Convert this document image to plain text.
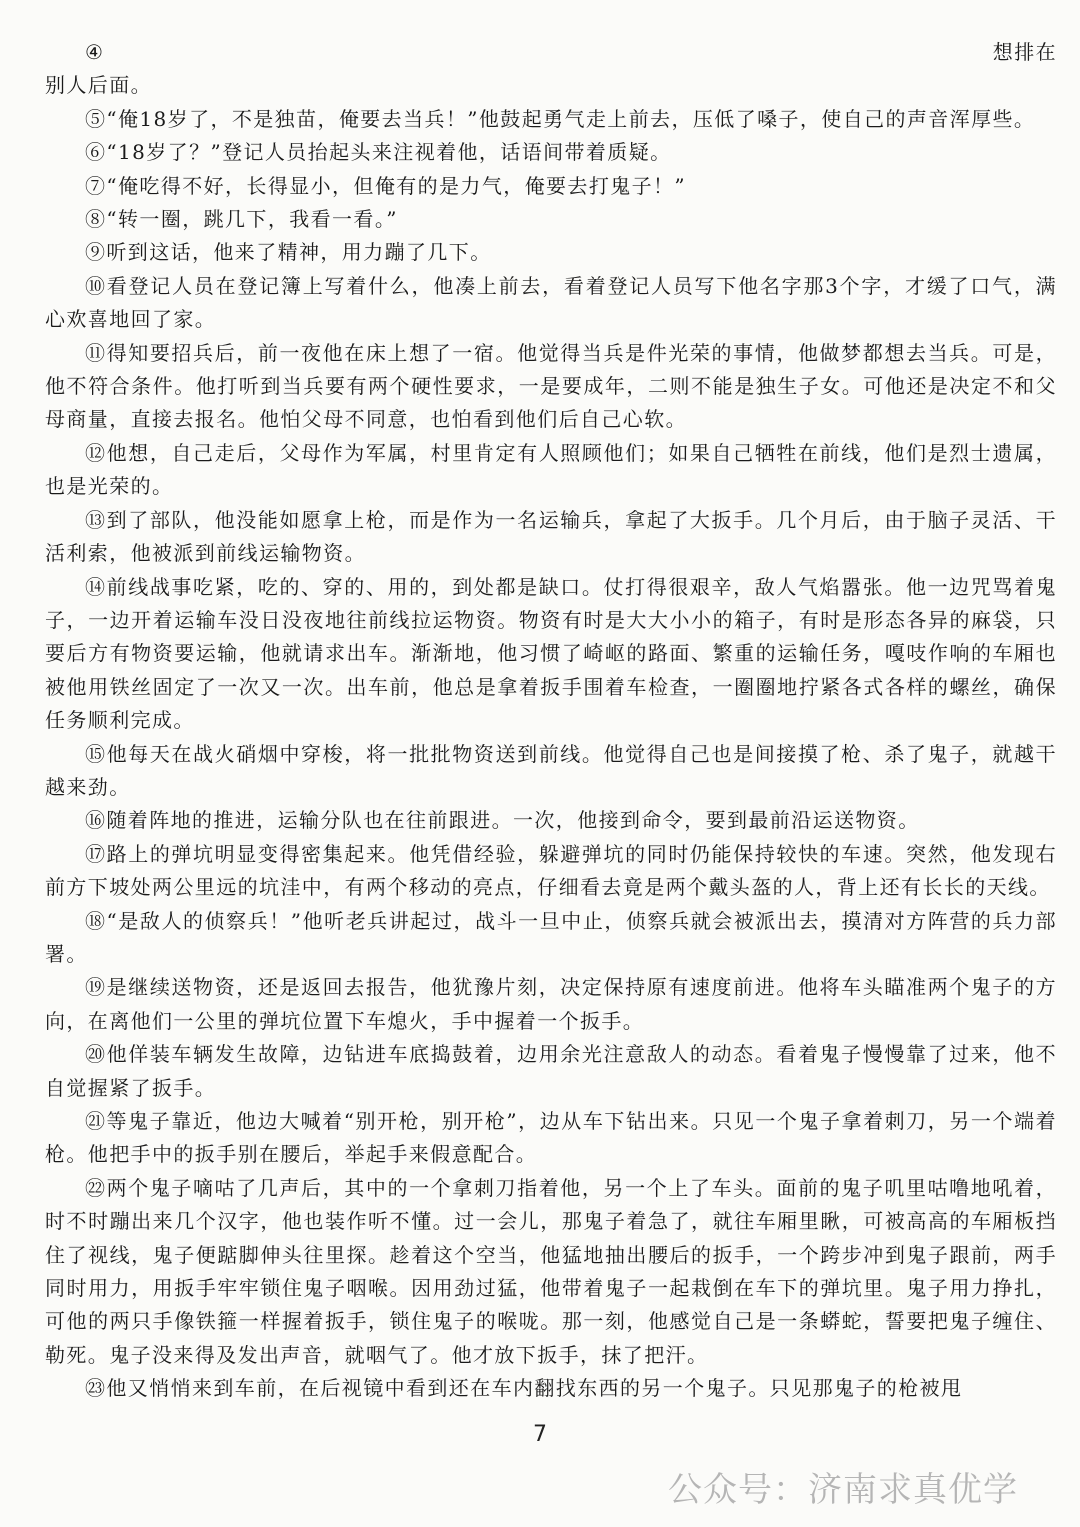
④	想排在

别人后面。

⑤“俺18岁了，不是独苗，俺要去当兵！”他鼓起勇气走上前去，压低了嗓子，使自己的声音浑厚些。

⑥“18岁了？”登记人员抬起头来注视着他，话语间带着质疑。

⑦“俺吃得不好，长得显小，但俺有的是力气，俺要去打鬼子！”

⑧“转一圈，跳几下，我看一看。”

⑨听到这话，他来了精神，用力蹦了几下。

⑩看登记人员在登记簿上写着什么，他凑上前去，看着登记人员写下他名字那3个字，才缓了口气，满心欢喜地回了家。

⑪得知要招兵后，前一夜他在床上想了一宿。他觉得当兵是件光荣的事情，他做梦都想去当兵。可是，他不符合条件。他打听到当兵要有两个硬性要求，一是要成年，二则不能是独生子女。可他还是决定不和父母商量，直接去报名。他怕父母不同意，也怕看到他们后自己心软。

⑫他想，自己走后，父母作为军属，村里肯定有人照顾他们；如果自己牺牲在前线，他们是烈士遗属，也是光荣的。

⑬到了部队，他没能如愿拿上枪，而是作为一名运输兵，拿起了大扳手。几个月后，由于脑子灵活、干活利索，他被派到前线运输物资。

⑭前线战事吃紧，吃的、穿的、用的，到处都是缺口。仗打得很艰辛，敌人气焰嚣张。他一边咒骂着鬼子，一边开着运输车没日没夜地往前线拉运物资。物资有时是大大小小的箱子，有时是形态各异的麻袋，只要后方有物资要运输，他就请求出车。渐渐地，他习惯了崎岖的路面、繁重的运输任务，嘎吱作响的车厢也被他用铁丝固定了一次又一次。出车前，他总是拿着扳手围着车检查，一圈圈地拧紧各式各样的螺丝，确保任务顺利完成。

⑮他每天在战火硝烟中穿梭，将一批批物资送到前线。他觉得自己也是间接摸了枪、杀了鬼子，就越干越来劲。

⑯随着阵地的推进，运输分队也在往前跟进。一次，他接到命令，要到最前沿运送物资。

⑰路上的弹坑明显变得密集起来。他凭借经验，躲避弹坑的同时仍能保持较快的车速。突然，他发现右前方下坡处两公里远的坑洼中，有两个移动的亮点，仔细看去竟是两个戴头盔的人，背上还有长长的天线。

⑱“是敌人的侦察兵！”他听老兵讲起过，战斗一旦中止，侦察兵就会被派出去，摸清对方阵营的兵力部署。

⑲是继续送物资，还是返回去报告，他犹豫片刻，决定保持原有速度前进。他将车头瞄准两个鬼子的方向，在离他们一公里的弹坑位置下车熄火，手中握着一个扳手。

⑳他佯装车辆发生故障，边钻进车底捣鼓着，边用余光注意敌人的动态。看着鬼子慢慢靠了过来，他不自觉握紧了扳手。

㉑等鬼子靠近，他边大喊着“别开枪，别开枪”，边从车下钻出来。只见一个鬼子拿着刺刀，另一个端着枪。他把手中的扳手别在腰后，举起手来假意配合。

㉒两个鬼子嘀咕了几声后，其中的一个拿刺刀指着他，另一个上了车头。面前的鬼子叽里咕噜地吼着，时不时蹦出来几个汉字，他也装作听不懂。过一会儿，那鬼子着急了，就往车厢里瞅，可被高高的车厢板挡住了视线，鬼子便踮脚伸头往里探。趁着这个空当，他猛地抽出腰后的扳手，一个跨步冲到鬼子跟前，两手同时用力，用扳手牢牢锁住鬼子咽喉。因用劲过猛，他带着鬼子一起栽倒在车下的弹坑里。鬼子用力挣扎，可他的两只手像铁箍一样握着扳手，锁住鬼子的喉咙。那一刻，他感觉自己是一条蟒蛇，誓要把鬼子缠住、勒死。鬼子没来得及发出声音，就咽气了。他才放下扳手，抹了把汗。

㉓他又悄悄来到车前，在后视镜中看到还在车内翻找东西的另一个鬼子。只见那鬼子的枪被甩

7
公众号：济南求真优学
